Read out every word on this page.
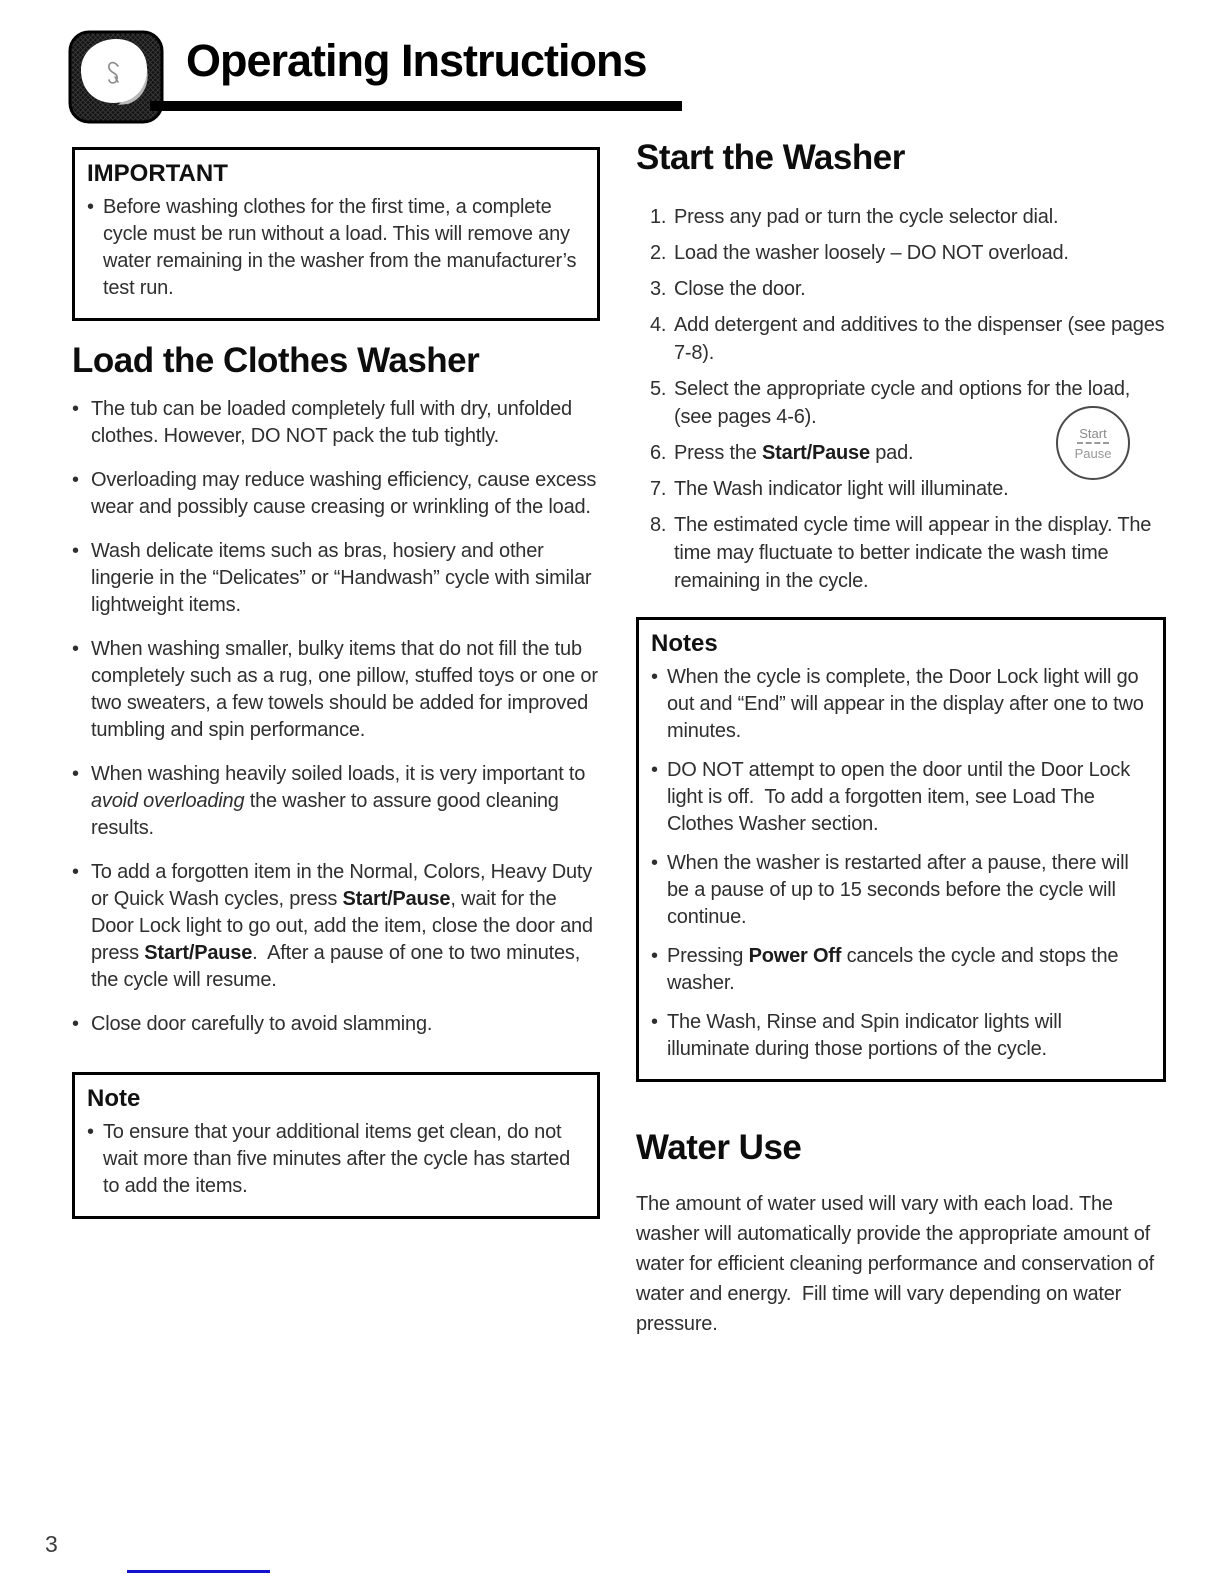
Operating Instructions
IMPORTANT
• Before washing clothes for the first time, a complete cycle must be run without a load. This will remove any water remaining in the washer from the manufacturer’s test run.
Load the Clothes Washer
• The tub can be loaded completely full with dry, unfolded clothes. However, DO NOT pack the tub tightly.
• Overloading may reduce washing efficiency, cause excess wear and possibly cause creasing or wrinkling of the load.
• Wash delicate items such as bras, hosiery and other lingerie in the “Delicates” or “Handwash” cycle with similar lightweight items.
• When washing smaller, bulky items that do not fill the tub completely such as a rug, one pillow, stuffed toys or one or two sweaters, a few towels should be added for improved tumbling and spin performance.
• When washing heavily soiled loads, it is very important to avoid overloading the washer to assure good cleaning results.
• To add a forgotten item in the Normal, Colors, Heavy Duty or Quick Wash cycles, press Start/Pause, wait for the Door Lock light to go out, add the item, close the door and press Start/Pause.  After a pause of one to two minutes, the cycle will resume.
• Close door carefully to avoid slamming.
Note
• To ensure that your additional items get clean, do not wait more than five minutes after the cycle has started to add the items.
Start the Washer
1. Press any pad or turn the cycle selector dial.
2. Load the washer loosely – DO NOT overload.
3. Close the door.
4. Add detergent and additives to the dispenser (see pages 7-8).
5. Select the appropriate cycle and options for the load, (see pages 4-6).
6. Press the Start/Pause pad.
7. The Wash indicator light will illuminate.
8. The estimated cycle time will appear in the display. The time may fluctuate to better indicate the wash time remaining in the cycle.
Notes
• When the cycle is complete, the Door Lock light will go out and “End” will appear in the display after one to two minutes.
• DO NOT attempt to open the door until the Door Lock light is off.  To add a forgotten item, see Load The Clothes Washer section.
• When the washer is restarted after a pause, there will be a pause of up to 15 seconds before the cycle will continue.
• Pressing Power Off cancels the cycle and stops the washer.
• The Wash, Rinse and Spin indicator lights will illuminate during those portions of the cycle.
Water Use

The amount of water used will vary with each load. The washer will automatically provide the appropriate amount of water for efficient cleaning performance and conservation of water and energy.  Fill time will vary depending on water pressure.

Start
Pause
3
